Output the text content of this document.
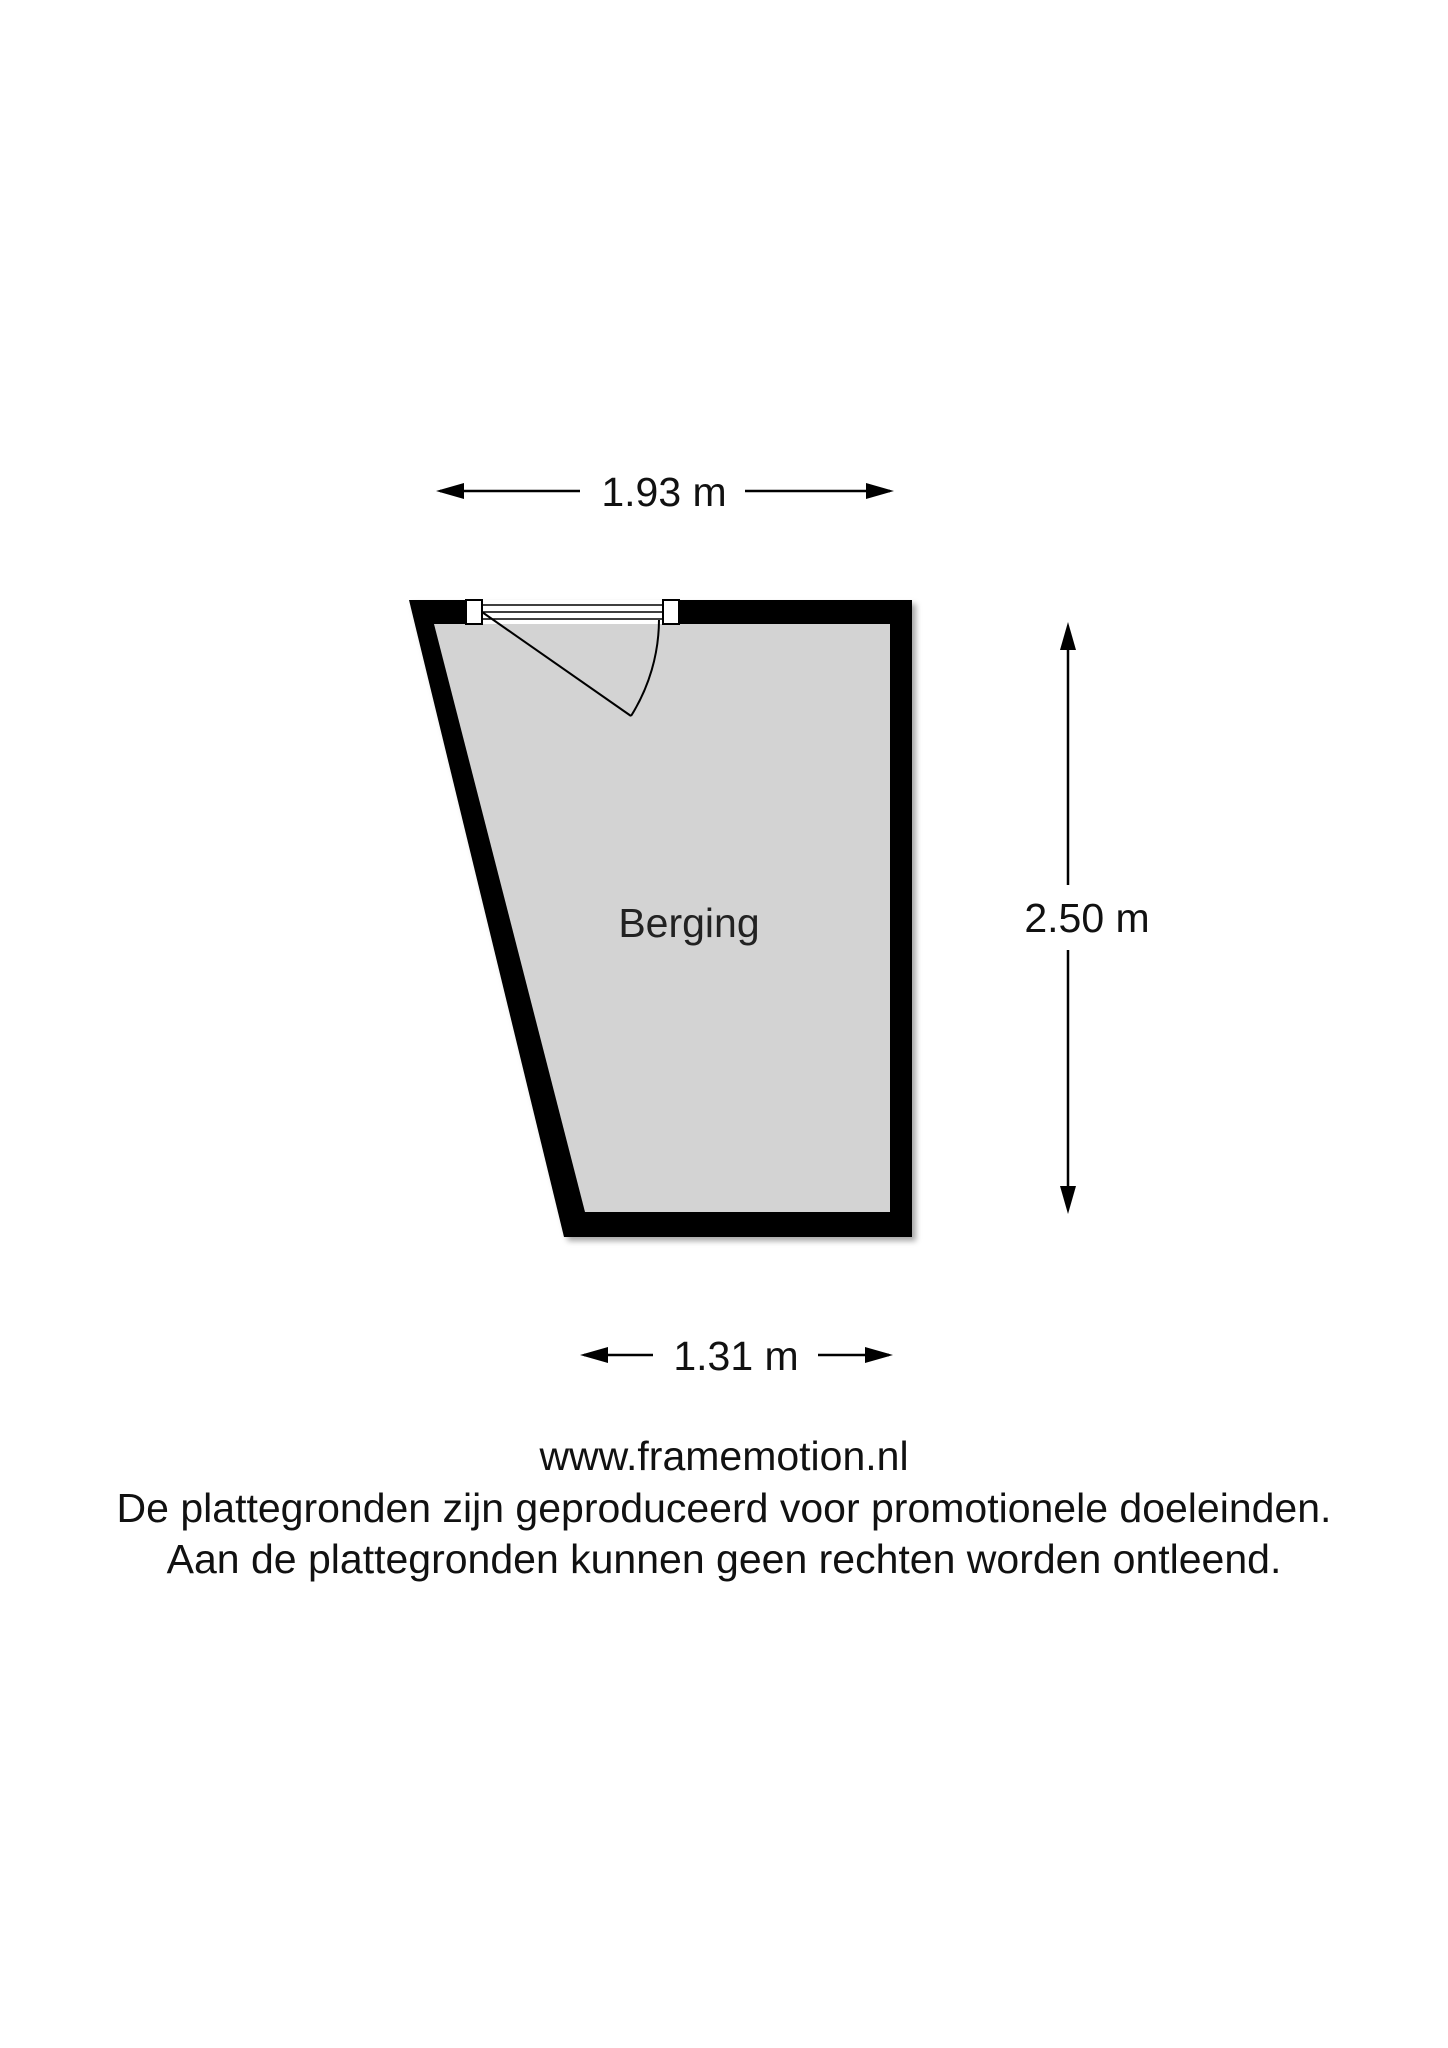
1.93 m
2.50 m
1.31 m
Berging
www.framemotion.nl
De plattegronden zijn geproduceerd voor promotionele doeleinden.
Aan de plattegronden kunnen geen rechten worden ontleend.
